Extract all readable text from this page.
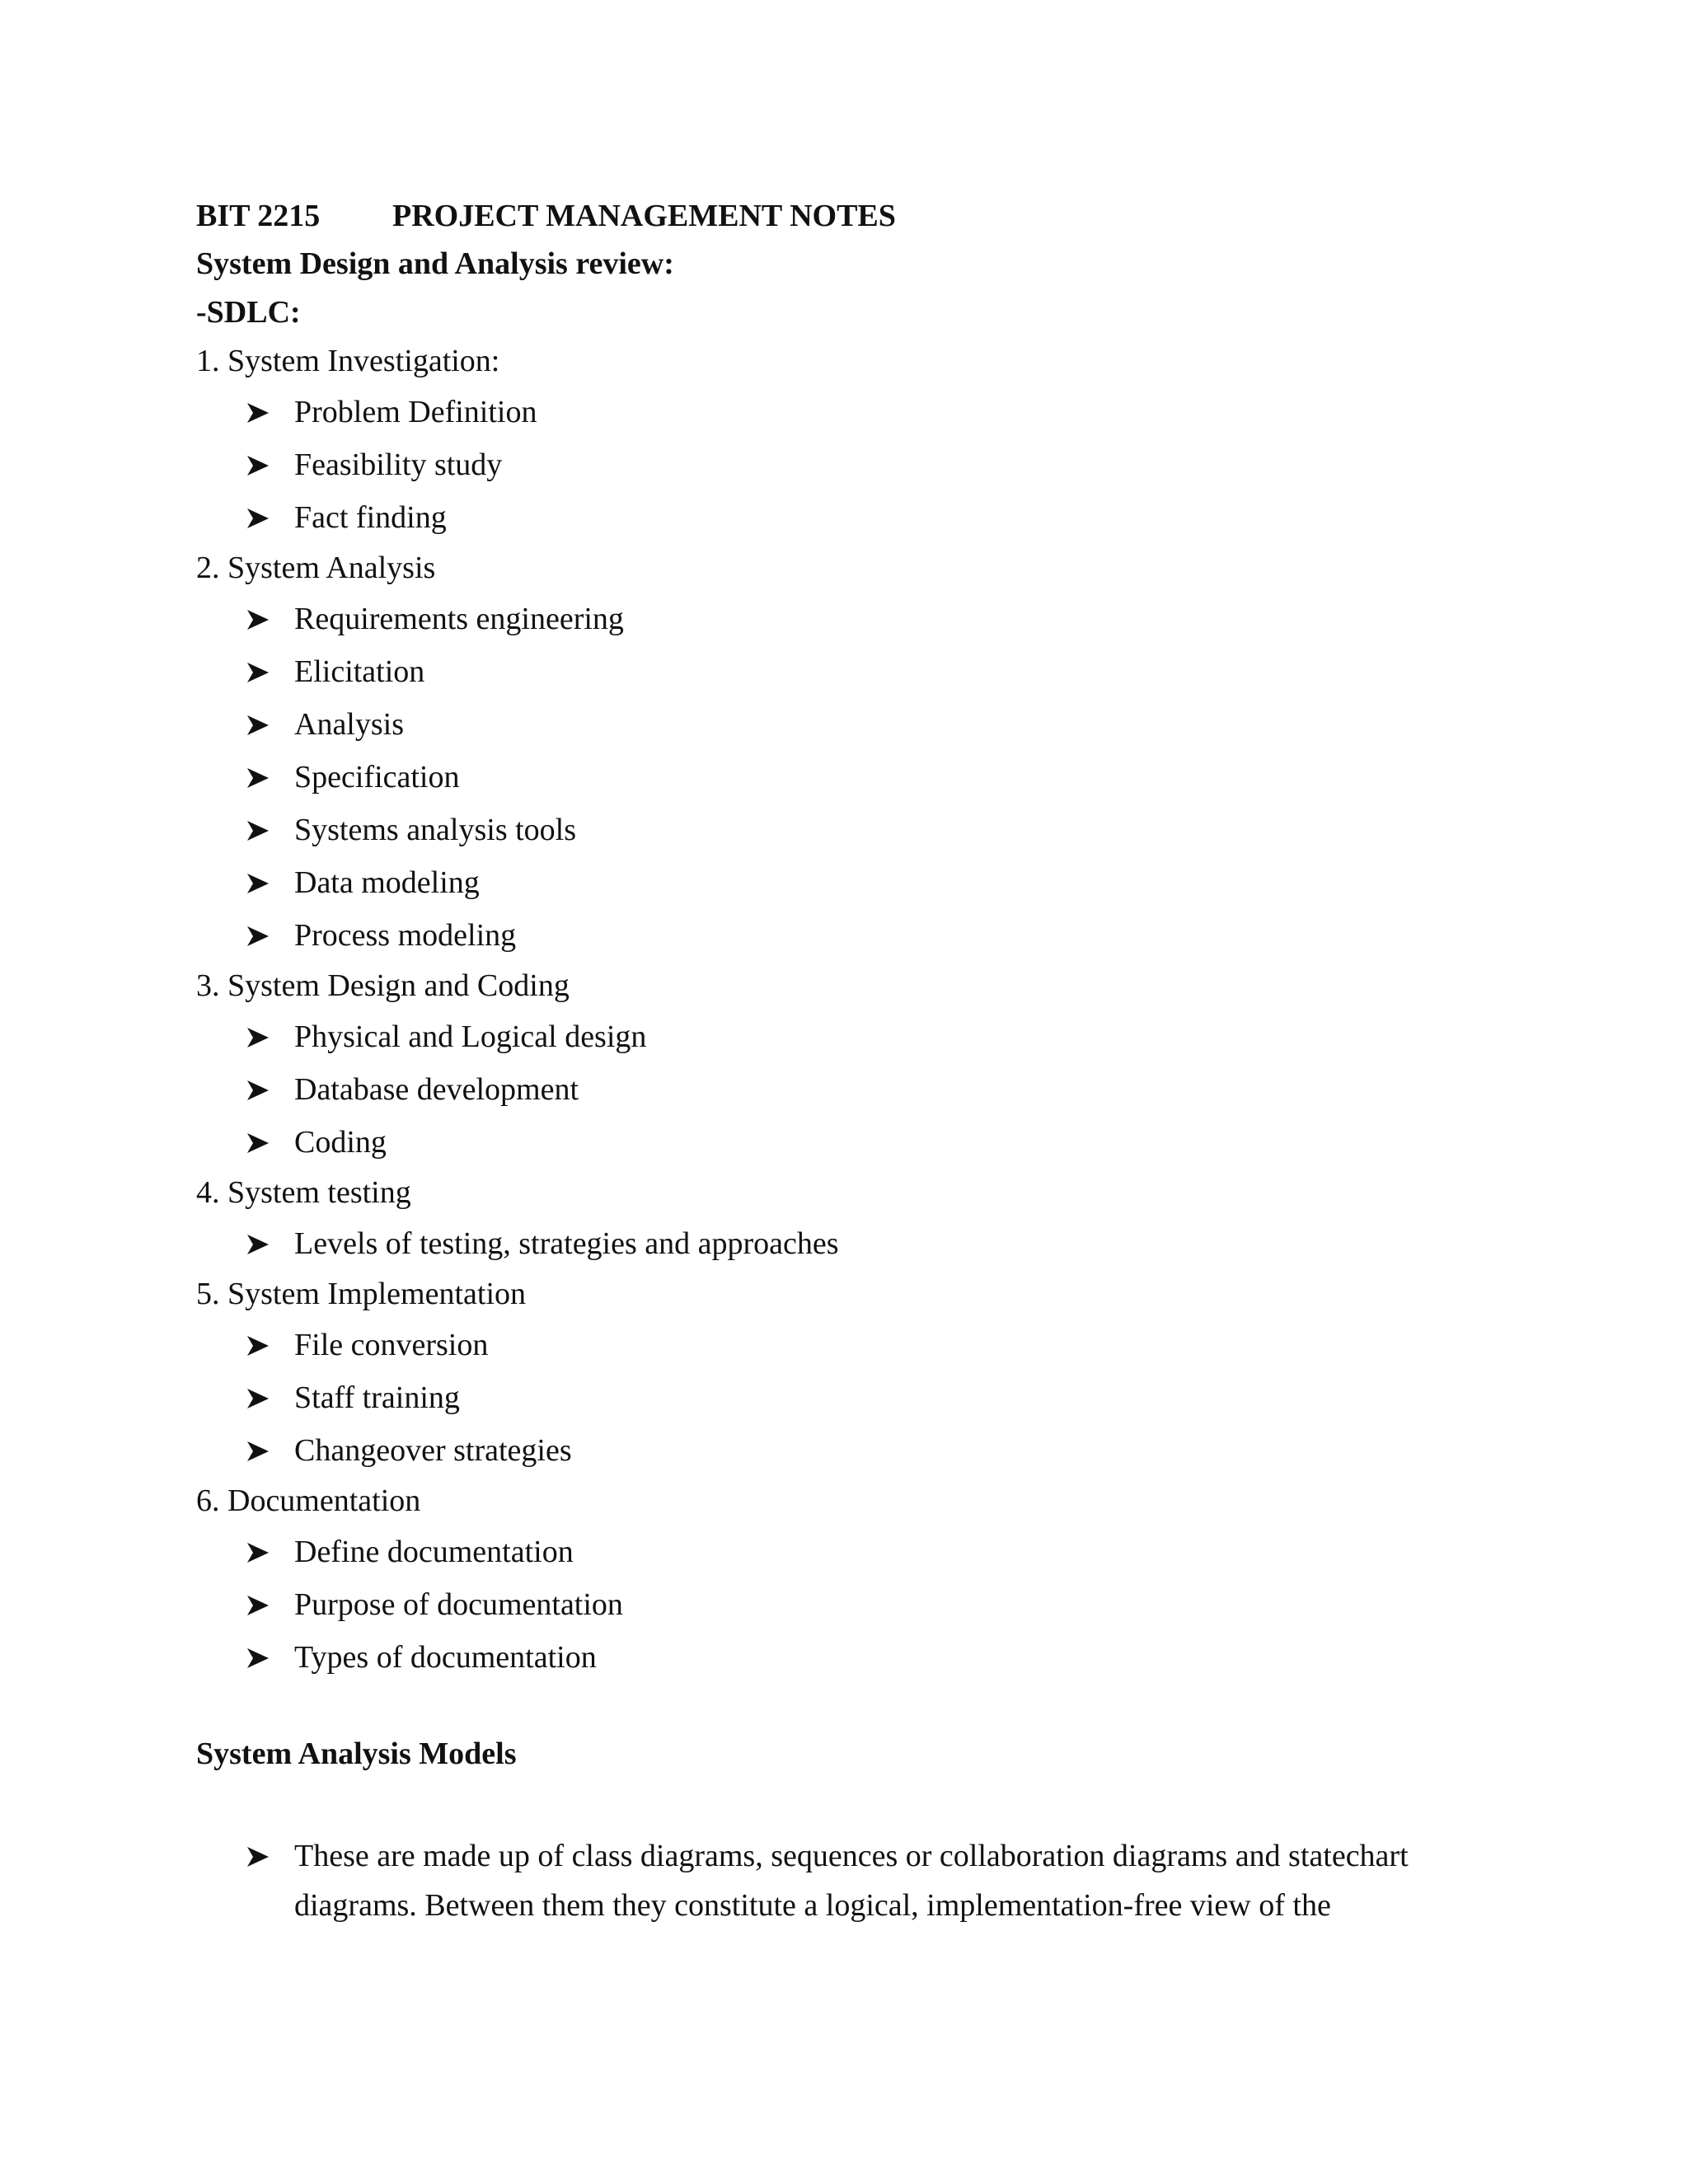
BIT 2215 PROJECT MANAGEMENT NOTES
System Design and Analysis review:
-SDLC:
1. System Investigation:
Problem Definition
Feasibility study
Fact finding
2. System Analysis
Requirements engineering
Elicitation
Analysis
Specification
Systems analysis tools
Data modeling
Process modeling
3. System Design and Coding
Physical and Logical design
Database development
Coding
4. System testing
Levels of testing, strategies and approaches
5. System Implementation
File conversion
Staff training
Changeover strategies
6. Documentation
Define documentation
Purpose of documentation
Types of documentation
System Analysis Models
These are made up of class diagrams, sequences or collaboration diagrams and statechart diagrams. Between them they constitute a logical, implementation-free view of the
